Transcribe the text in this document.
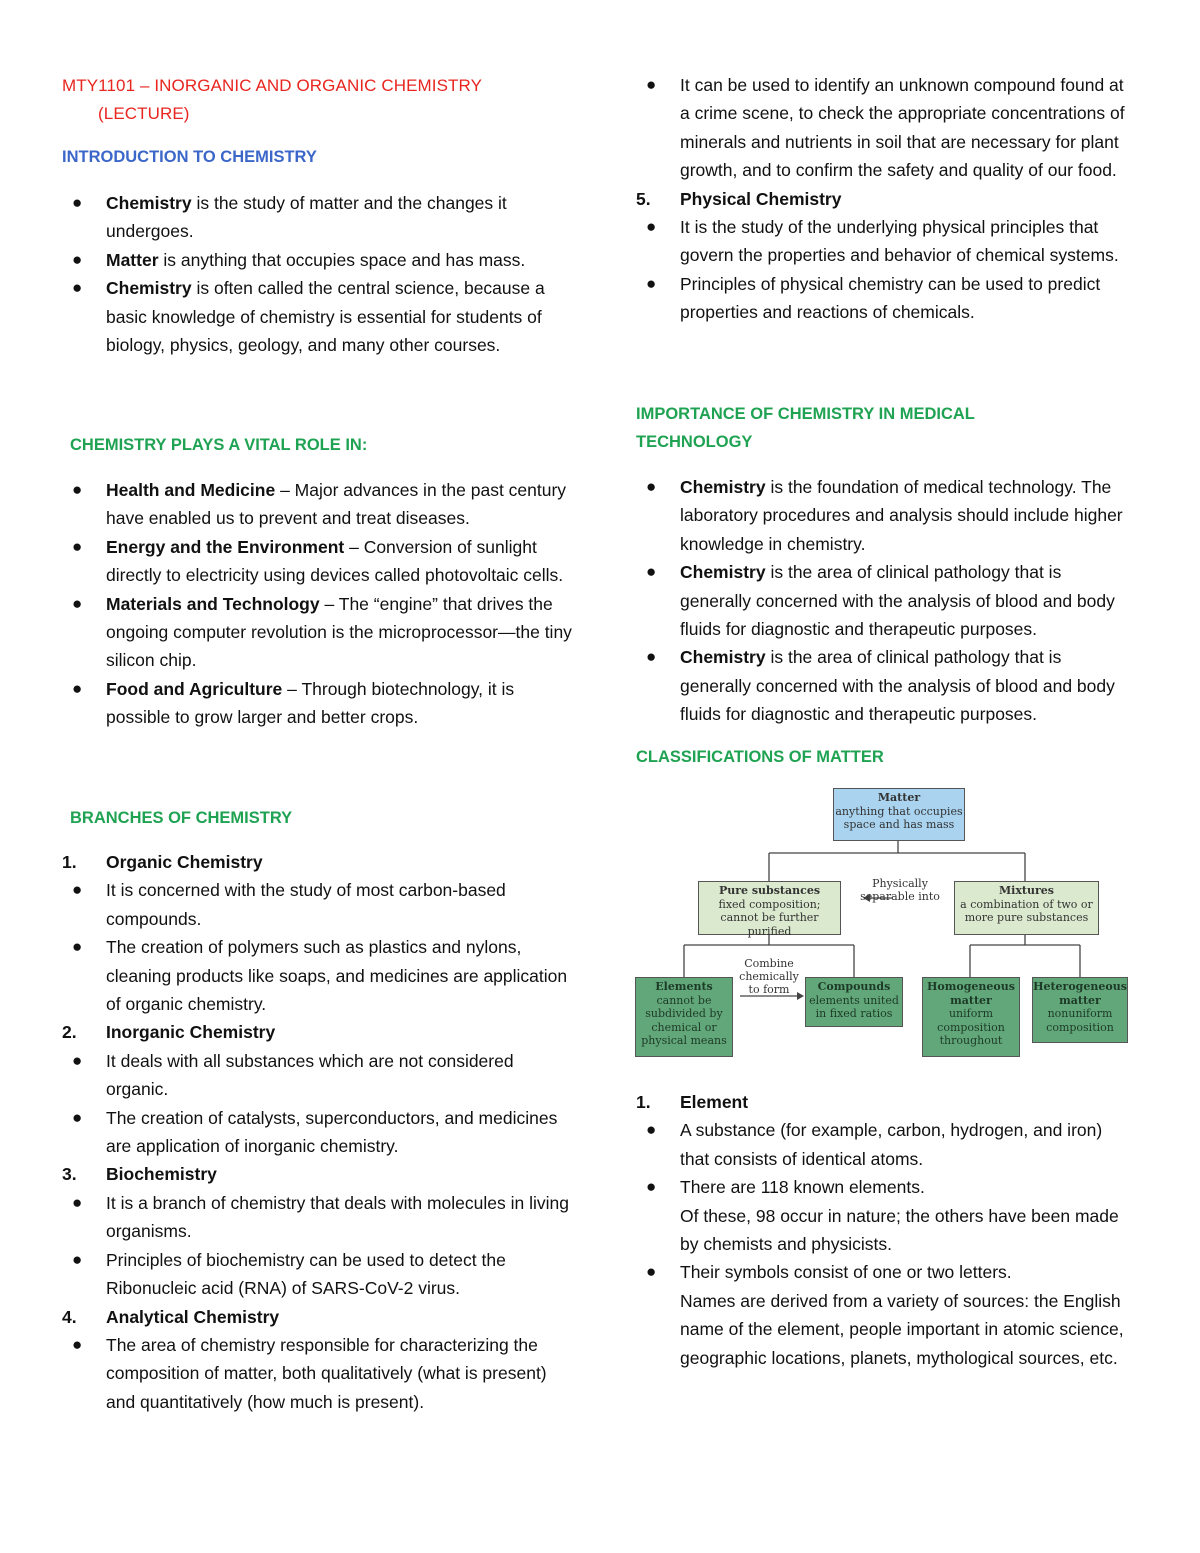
MTY1101 – INORGANIC AND ORGANIC CHEMISTRY
(LECTURE)
INTRODUCTION TO CHEMISTRY

● Chemistry is the study of matter and the changes it undergoes.

● Matter is anything that occupies space and has mass.

● Chemistry is often called the central science, because a basic knowledge of chemistry is essential for students of biology, physics, geology, and many other courses.

CHEMISTRY PLAYS A VITAL ROLE IN:

● Health and Medicine – Major advances in the past century have enabled us to prevent and treat diseases.

● Energy and the Environment – Conversion of sunlight directly to electricity using devices called photovoltaic cells.

● Materials and Technology – The “engine” that drives the ongoing computer revolution is the microprocessor—the tiny silicon chip.

● Food and Agriculture – Through biotechnology, it is possible to grow larger and better crops.

BRANCHES OF CHEMISTRY

1. Organic Chemistry

● It is concerned with the study of most carbon-based compounds.

● The creation of polymers such as plastics and nylons, cleaning products like soaps, and medicines are application of organic chemistry.

2. Inorganic Chemistry

● It deals with all substances which are not considered organic.

● The creation of catalysts, superconductors, and medicines are application of inorganic chemistry.

3. Biochemistry

● It is a branch of chemistry that deals with molecules in living organisms.

● Principles of biochemistry can be used to detect the Ribonucleic acid (RNA) of SARS-CoV-2 virus.

4. Analytical Chemistry

● The area of chemistry responsible for characterizing the composition of matter, both qualitatively (what is present) and quantitatively (how much is present).

● It can be used to identify an unknown compound found at a crime scene, to check the appropriate concentrations of minerals and nutrients in soil that are necessary for plant growth, and to confirm the safety and quality of our food.

5. Physical Chemistry

● It is the study of the underlying physical principles that govern the properties and behavior of chemical systems.

● Principles of physical chemistry can be used to predict properties and reactions of chemicals.

IMPORTANCE OF CHEMISTRY IN MEDICAL TECHNOLOGY

● Chemistry is the foundation of medical technology. The laboratory procedures and analysis should include higher knowledge in chemistry.

● Chemistry is the area of clinical pathology that is generally concerned with the analysis of blood and body fluids for diagnostic and therapeutic purposes.

● Chemistry is the area of clinical pathology that is generally concerned with the analysis of blood and body fluids for diagnostic and therapeutic purposes.

CLASSIFICATIONS OF MATTER

1. Element

● A substance (for example, carbon, hydrogen, and iron) that consists of identical atoms.

● There are 118 known elements.
Of these, 98 occur in nature; the others have been made by chemists and physicists.

● Their symbols consist of one or two letters.
Names are derived from a variety of sources: the English name of the element, people important in atomic science, geographic locations, planets, mythological sources, etc.

Matter
anything that occupies space and has mass
Pure substances
fixed composition; cannot be further purified
Physically separable into	Mixtures
a combination of two or more pure substances
Combine chemically to form
Elements
cannot be subdivided by chemical or physical means
Compounds
elements united in fixed ratios
Homogeneous matter
uniform composition throughout
Heterogeneous matter
nonuniform composition
